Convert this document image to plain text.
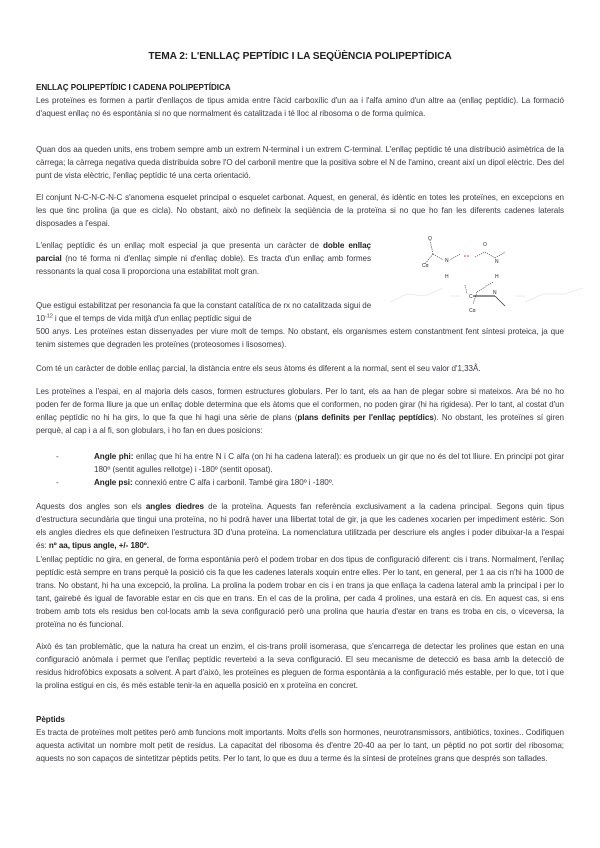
TEMA 2: L'ENLLAÇ PEPTÍDIC I LA SEQÜÈNCIA POLIPEPTÍDICA
ENLLAÇ POLIPEPTÍDIC I CADENA POLIPEPTÍDICA

Les proteïnes es formen a partir d'enllaços de tipus amida entre l'àcid carboxílic d'un aa i l'alfa amino d'un altre aa (enllaç peptídic). La formació d'aquest enllaç no és espontània si no que normalment és catalitzada i té lloc al ribosoma o de forma química.

Quan dos aa queden units, ens trobem sempre amb un extrem N-terminal i un extrem C-terminal. L'enllaç peptídic té una distribució asimètrica de la càrrega; la càrrega negativa queda distribuida sobre l'O del carbonil mentre que la positiva sobre el N de l'amino, creant així un dipol elèctric. Des del punt de vista elèctric, l'enllaç peptídic té una certa orientació.

El conjunt N-C-N-C-N-C s'anomena esquelet principal o esquelet carbonat. Aquest, en general, és idèntic en totes les proteïnes, en excepcions en les que tinc prolina (ja que es cicla). No obstant, això no defineix la seqüència de la proteïna si no que ho fan les diferents cadenes laterals disposades a l'espai.

L'enllaç peptídic és un enllaç molt especial ja que presenta un caràcter de doble enllaç parcial (no té forma ni d'enllaç simple ni d'enllaç doble). Es tracta d'un enllaç amb formes ressonants la qual cosa li proporciona una estabilitat molt gran.

Que estigui estabilitzat per resonancia fa que la constant catalítica de rx no catalitzada sigui de $10^{-12}$ i que el temps de vida mitjà d'un enllaç peptídic sigui de

500 anys. Les proteïnes estan dissenyades per viure molt de temps. No obstant, els organismes estem constantment fent síntesi proteica, ja que tenim sistemes que degraden les proteïnes (proteosomes i lisosomes).

Com té un caràcter de doble enllaç parcial, la distància entre els seus àtoms és diferent a la normal, sent el seu valor d'1,33Å.

Les proteïnes a l'espai, en al majoria dels casos, formen estructures globulars. Per lo tant, els aa han de plegar sobre si mateixos. Ara bé no ho poden fer de forma lliure ja que un enllaç doble determina que els àtoms que el conformen, no poden girar (hi ha rigidesa). Per lo tant, al costat d'un enllaç peptídic no hi ha girs, lo que fa que hi hagi una sèrie de plans (plans definits per l'enllaç peptídics). No obstant, les proteïnes sí giren perquè, al cap i a al fi, son globulars, i ho fan en dues posicions:

-	Angle phi: enllaç que hi ha entre N i C alfa (on hi ha cadena lateral): es produeix un gir que no és del tot lliure. En principi pot girar 180º (sentit agulles rellotge) i -180º (sentit oposat).
-	Angle psi: connexió entre C alfa i carbonil. També gira 180º i -180º.

Aquests dos angles son els angles diedres de la proteïna. Aquests fan referència exclusivament a la cadena principal. Segons quin tipus d'estructura secundària que tingui una proteïna, no hi podrà haver una llibertat total de gir, ja que les cadenes xocarien per impediment estèric. Son els angles diedres els que defineixen l'estructura 3D d'una proteïna. La nomenclatura utilitzada per descriure els angles i poder dibuixar-la a l'espai és: nº aa, tipus angle, +/- 180º.

L'enllaç peptídic no gira, en general, de forma espontània però el podem trobar en dos tipus de configuració diferent: cis i trans. Normalment, l'enllaç peptídic està sempre en trans perquè la posició cis fa que les cadenes laterals xoquin entre elles. Per lo tant, en general, per 1 aa cis n'hi ha 1000 de trans. No obstant, hi ha una excepció, la prolina. La prolina la podem trobar en cis i en trans ja que enllaça la cadena lateral amb la principal i per lo tant, gairebé és igual de favorable estar en cis que en trans. En el cas de la prolina, per cada 4 prolines, una estarà en cis. En aquest cas, si ens trobem amb tots els residus ben col·locats amb la seva configuració però una prolina que hauria d'estar en trans es troba en cis, o viceversa, la proteïna no és funcional.

Això és tan problemàtic, que la natura ha creat un enzim, el cis-trans prolil isomerasa, que s'encarrega de detectar les prolines que estan en una configuració anòmala i permet que l'enllaç peptídic reverteixi a la seva configuració. El seu mecanisme de detecció es basa amb la detecció de residus hidrofòbics exposats a solvent. A part d'això, les proteïnes es pleguen de forma espontània a la configuració més estable, per lo que, tot i que la prolina estigui en cis, és més estable tenir-la en aquella posició en x proteïna en concret.

Pèptids

Es tracta de proteïnes molt petites però amb funcions molt importants. Molts d'ells son hormones, neurotransmissors, antibiòtics, toxines.. Codifiquen aquesta activitat un nombre molt petit de residus. La capacitat del ribosoma és d'entre 20-40 aa per lo tant, un pèptid no pot sortir del ribosoma; aquests no son capaços de sintetitzar pèptids petits. Per lo tant, lo que es duu a terme és la síntesi de proteïnes grans que després son tallades.

O
Cα
N
H
O
N
H
C
N
Cα
